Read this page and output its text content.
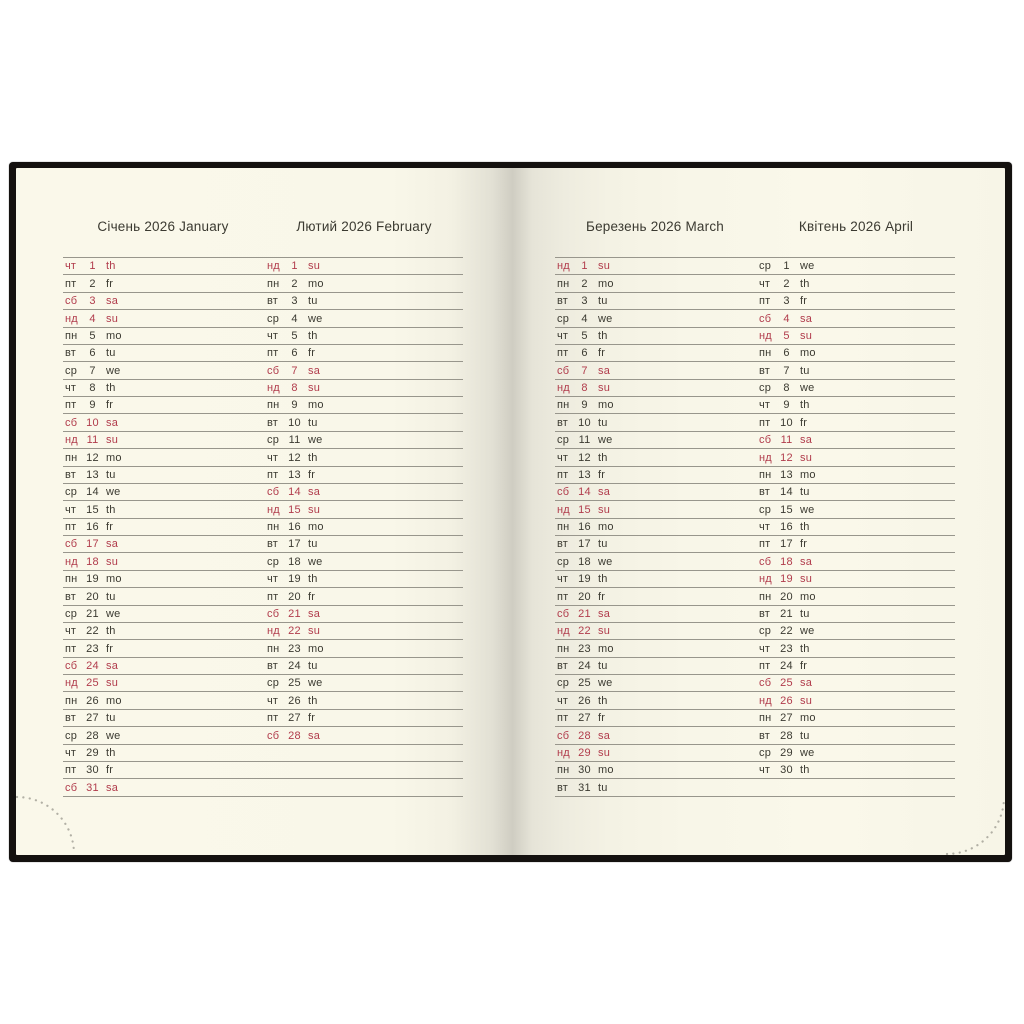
Січень 2026 January	Лютий 2026 February
чт	1 th	нд	1 su
пт	2 fr	пн	2 mo
сб	3 sa	вт	3 tu
нд	4 su	ср	4 we
пн	5 mo	чт	5 th
вт	6 tu	пт	6 fr
ср	7 we	сб	7 sa
чт	8 th	нд	8 su
пт	9 fr	пн	9 mo
сб 10 sa	вт 10 tu
нд 11 su	ср 11 we
пн 12 mo	чт 12 th
вт 13 tu	пт 13 fr
ср 14 we	сб 14 sa
чт 15 th	нд 15 su
пт 16 fr	пн 16 mo
сб 17 sa	вт 17 tu
нд 18 su	ср 18 we
пн 19 mo	чт 19 th
вт 20 tu	пт 20 fr
ср 21 we	сб 21 sa
чт 22 th	нд 22 su
пт 23 fr	пн 23 mo
сб 24 sa	вт 24 tu
нд 25 su	ср 25 we
пн 26 mo	чт 26 th
вт 27 tu	пт 27 fr
ср 28 we	сб 28 sa
чт 29 th
пт 30 fr
сб 31 sa
Березень 2026 March	Квітень 2026 April
нд	1 su	ср	1 we
пн	2 mo	чт	2 th
вт	3 tu	пт	3 fr
ср	4 we	сб	4 sa
чт	5 th	нд	5 su
пт	6 fr	пн	6 mo
сб	7 sa	вт	7 tu
нд	8 su	ср	8 we
пн	9 mo	чт	9 th
вт 10 tu	пт 10 fr
ср 11 we	сб 11 sa
чт 12 th	нд 12 su
пт 13 fr	пн 13 mo
сб 14 sa	вт 14 tu
нд 15 su	ср 15 we
пн 16 mo	чт 16 th
вт 17 tu	пт 17 fr
ср 18 we	сб 18 sa
чт 19 th	нд 19 su
пт 20 fr	пн 20 mo
сб 21 sa	вт 21 tu
нд 22 su	ср 22 we
пн 23 mo	чт 23 th
вт 24 tu	пт 24 fr
ср 25 we	сб 25 sa
чт 26 th	нд 26 su
пт 27 fr	пн 27 mo
сб 28 sa	вт 28 tu
нд 29 su	ср 29 we
пн 30 mo	чт 30 th
вт 31 tu
